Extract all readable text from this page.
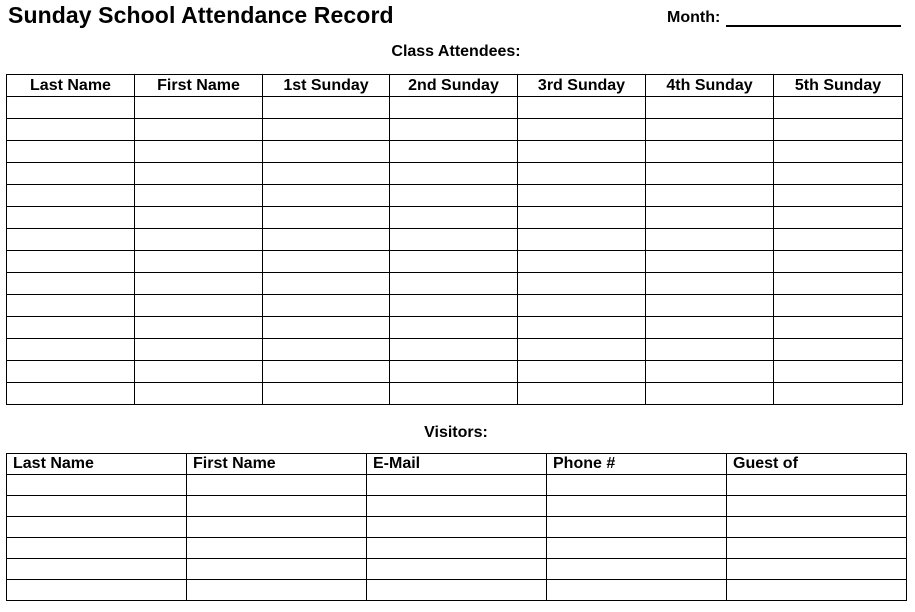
Sunday School Attendance Record	Month:
Class Attendees:
Last Name	First Name	1st Sunday	2nd Sunday	3rd Sunday	4th Sunday	5th Sunday

Visitors:
Last Name	First Name	E-Mail	Phone #	Guest of
